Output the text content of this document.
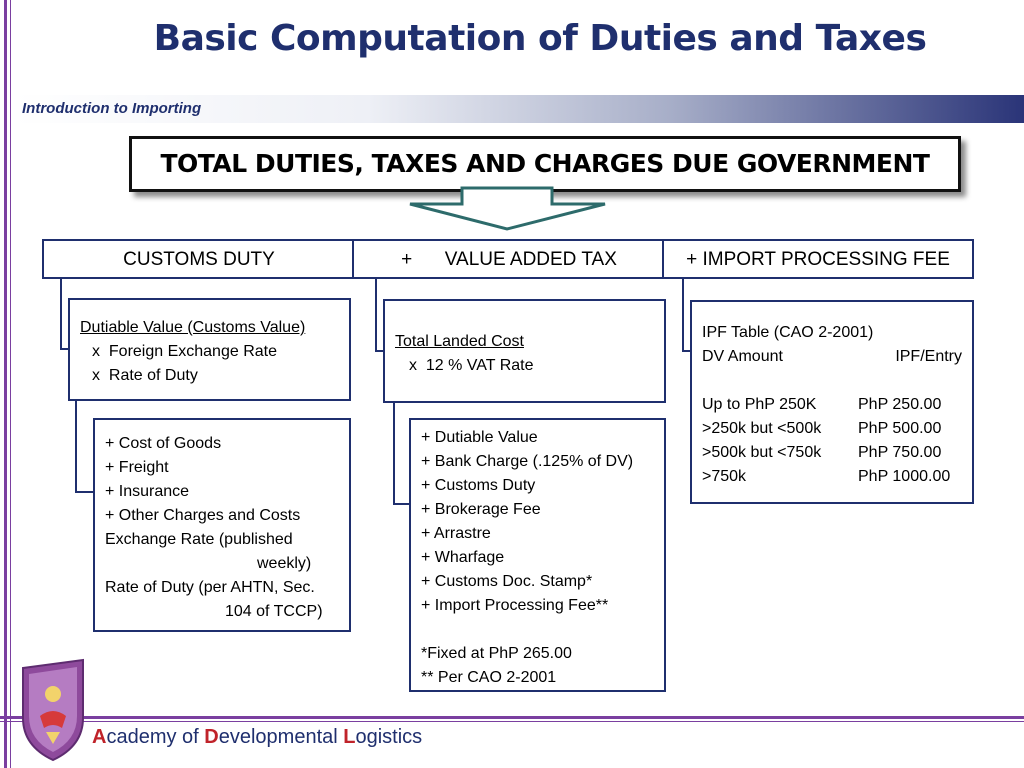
Basic Computation of Duties and Taxes
Introduction to Importing
TOTAL DUTIES, TAXES AND CHARGES DUE GOVERNMENT
CUSTOMS DUTY	+ VALUE ADDED TAX	+ IMPORT PROCESSING FEE
Dutiable Value (Customs Value)
x  Foreign Exchange Rate
x  Rate of Duty
+ Cost of Goods
+ Freight
+ Insurance
+ Other Charges and Costs
Exchange Rate (published
weekly)
Rate of Duty (per AHTN, Sec.
104 of TCCP)
Total Landed Cost
x  12 % VAT Rate
+ Dutiable Value
+ Bank Charge (.125% of DV)
+ Customs Duty
+ Brokerage Fee
+ Arrastre
+ Wharfage
+ Customs Doc. Stamp*
+ Import Processing Fee**
*Fixed at PhP 265.00
** Per CAO 2-2001
IPF Table (CAO 2-2001)
DV Amount	IPF/Entry
Up to PhP 250K	PhP 250.00
>250k but <500k PhP 500.00
>500k but <750k PhP 750.00
>750k	PhP 1000.00
Academy of Developmental Logistics
